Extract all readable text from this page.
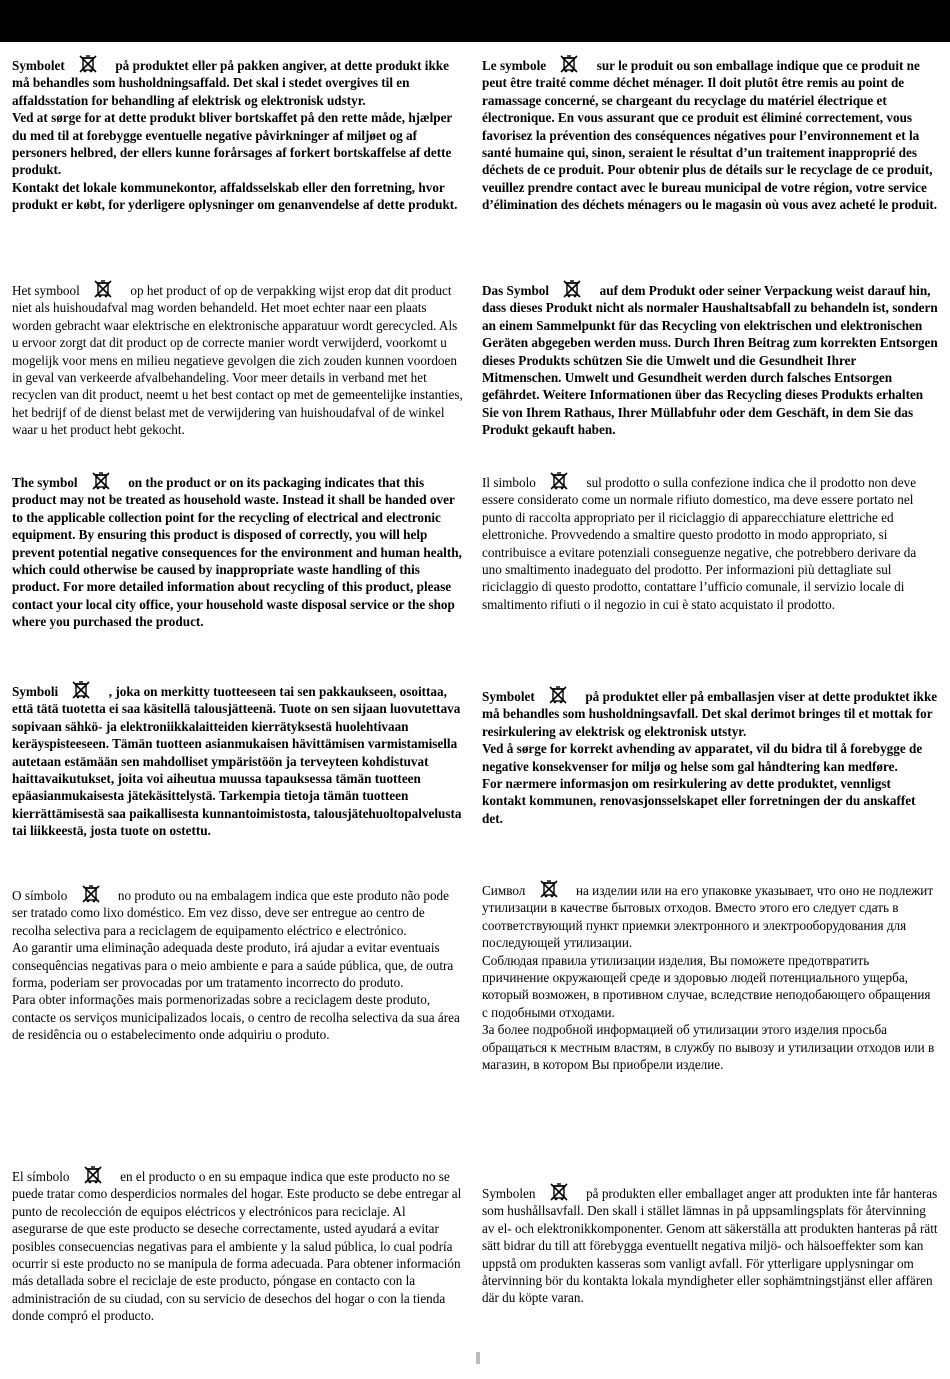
Symbolet	på produktet eller på pakken angiver, at dette produkt ikke må behandles som husholdningsaffald. Det skal i stedet overgives til en affaldsstation for behandling af elektrisk og elektronisk udstyr.

Ved at sørge for at dette produkt bliver bortskaffet på den rette måde, hjælper du med til at forebygge eventuelle negative påvirkninger af miljøet og af personers helbred, der ellers kunne forårsages af forkert bortskaffelse af dette produkt.

Kontakt det lokale kommunekontor, affaldsselskab eller den forretning, hvor produkt er købt, for yderligere oplysninger om genanvendelse af dette produkt.

Le symbole	sur le produit ou son emballage indique que ce produit ne peut être traité comme déchet ménager. Il doit plutôt être remis au point de ramassage concerné, se chargeant du recyclage du matériel électrique et électronique. En vous assurant que ce produit est éliminé correctement, vous favorisez la prévention des conséquences négatives pour l’environnement et la santé humaine qui, sinon, seraient le résultat d’un traitement inapproprié des déchets de ce produit. Pour obtenir plus de détails sur le recyclage de ce produit, veuillez prendre contact avec le bureau municipal de votre région, votre service d’élimination des déchets ménagers ou le magasin où vous avez acheté le produit.

Het symbool	op het product of op de verpakking wijst erop dat dit product niet als huishoudafval mag worden behandeld. Het moet echter naar een plaats worden gebracht waar elektrische en elektronische apparatuur wordt gerecycled. Als u ervoor zorgt dat dit product op de correcte manier wordt verwijderd, voorkomt u mogelijk voor mens en milieu negatieve gevolgen die zich zouden kunnen voordoen in geval van verkeerde afvalbehandeling. Voor meer details in verband met het recyclen van dit product, neemt u het best contact op met de gemeentelijke instanties, het bedrijf of de dienst belast met de verwijdering van huishoudafval of de winkel waar u het product hebt gekocht.

Das Symbol	auf dem Produkt oder seiner Verpackung weist darauf hin, dass dieses Produkt nicht als normaler Haushaltsabfall zu behandeln ist, sondern an einem Sammelpunkt für das Recycling von elektrischen und elektronischen Geräten abgegeben werden muss. Durch Ihren Beitrag zum korrekten Entsorgen dieses Produkts schützen Sie die Umwelt und die Gesundheit Ihrer Mitmenschen. Umwelt und Gesundheit werden durch falsches Entsorgen gefährdet. Weitere Informationen über das Recycling dieses Produkts erhalten Sie von Ihrem Rathaus, Ihrer Müllabfuhr oder dem Geschäft, in dem Sie das Produkt gekauft haben.

The symbol	on the product or on its packaging indicates that this product may not be treated as household waste. Instead it shall be handed over to the applicable collection point for the recycling of electrical and electronic equipment. By ensuring this product is disposed of correctly, you will help prevent potential negative consequences for the environment and human health, which could otherwise be caused by inappropriate waste handling of this product. For more detailed information about recycling of this product, please contact your local city office, your household waste disposal service or the shop where you purchased the product.

Il simbolo	sul prodotto o sulla confezione indica che il prodotto non deve essere considerato come un normale rifiuto domestico, ma deve essere portato nel punto di raccolta appropriato per il riciclaggio di apparecchiature elettriche ed elettroniche. Provvedendo a smaltire questo prodotto in modo appropriato, si contribuisce a evitare potenziali conseguenze negative, che potrebbero derivare da uno smaltimento inadeguato del prodotto. Per informazioni più dettagliate sul riciclaggio di questo prodotto, contattare l’ufficio comunale, il servizio locale di smaltimento rifiuti o il negozio in cui è stato acquistato il prodotto.

Symboli	, joka on merkitty tuotteeseen tai sen pakkaukseen, osoittaa, että tätä tuotetta ei saa käsitellä talousjätteenä. Tuote on sen sijaan luovutettava sopivaan sähkö- ja elektroniikkalaitteiden kierrätyksestä huolehtivaan keräyspisteeseen. Tämän tuotteen asianmukaisen hävittämisen varmistamisella autetaan estämään sen mahdolliset ympäristöön ja terveyteen kohdistuvat haittavaikutukset, joita voi aiheutua muussa tapauksessa tämän tuotteen epäasianmukaisesta jätekäsittelystä. Tarkempia tietoja tämän tuotteen kierrättämisestä saa paikallisesta kunnantoimistosta, talousjätehuoltopalvelusta tai liikkeestä, josta tuote on ostettu.

Symbolet	på produktet eller på emballasjen viser at dette produktet ikke må behandles som husholdningsavfall. Det skal derimot bringes til et mottak for resirkulering av elektrisk og elektronisk utstyr.

Ved å sørge for korrekt avhending av apparatet, vil du bidra til å forebygge de negative konsekvenser for miljø og helse som gal håndtering kan medføre.

For nærmere informasjon om resirkulering av dette produktet, vennligst kontakt kommunen, renovasjonsselskapet eller forretningen der du anskaffet det.

O símbolo	no produto ou na embalagem indica que este produto não pode ser tratado como lixo doméstico. Em vez disso, deve ser entregue ao centro de recolha selectiva para a reciclagem de equipamento eléctrico e electrónico.

Ao garantir uma eliminação adequada deste produto, irá ajudar a evitar eventuais consequências negativas para o meio ambiente e para a saúde pública, que, de outra forma, poderiam ser provocadas por um tratamento incorrecto do produto.

Para obter informações mais pormenorizadas sobre a reciclagem deste produto, contacte os serviços municipalizados locais, o centro de recolha selectiva da sua área de residência ou o estabelecimento onde adquiriu o produto.

Символ	на изделии или на его упаковке указывает, что оно не подлежит утилизации в качестве бытовых отходов. Вместо этого его следует сдать в соответствующий пункт приемки электронного и электрооборудования для последующей утилизации.

Соблюдая правила утилизации изделия, Вы поможете предотвратить причинение окружающей среде и здоровью людей потенциального ущерба, который возможен, в противном случае, вследствие неподобающего обращения с подобными отходами.

За более подробной информацией об утилизации этого изделия просьба обращаться к местным властям, в службу по вывозу и утилизации отходов или в магазин, в котором Вы приобрели изделие.

El símbolo	en el producto o en su empaque indica que este producto no se puede tratar como desperdicios normales del hogar. Este producto se debe entregar al punto de recolección de equipos eléctricos y electrónicos para reciclaje. Al asegurarse de que este producto se deseche correctamente, usted ayudará a evitar posibles consecuencias negativas para el ambiente y la salud pública, lo cual podría ocurrir si este producto no se manipula de forma adecuada. Para obtener información más detallada sobre el reciclaje de este producto, póngase en contacto con la administración de su ciudad, con su servicio de desechos del hogar o con la tienda donde compró el producto.

Symbolen	på produkten eller emballaget anger att produkten inte får hanteras som hushållsavfall. Den skall i stället lämnas in på uppsamlingsplats för återvinning av el- och elektronikkomponenter. Genom att säkerställa att produkten hanteras på rätt sätt bidrar du till att förebygga eventuellt negativa miljö- och hälsoeffekter som kan uppstå om produkten kasseras som vanligt avfall. För ytterligare upplysningar om återvinning bör du kontakta lokala myndigheter eller sophämtningstjänst eller affären där du köpte varan.
